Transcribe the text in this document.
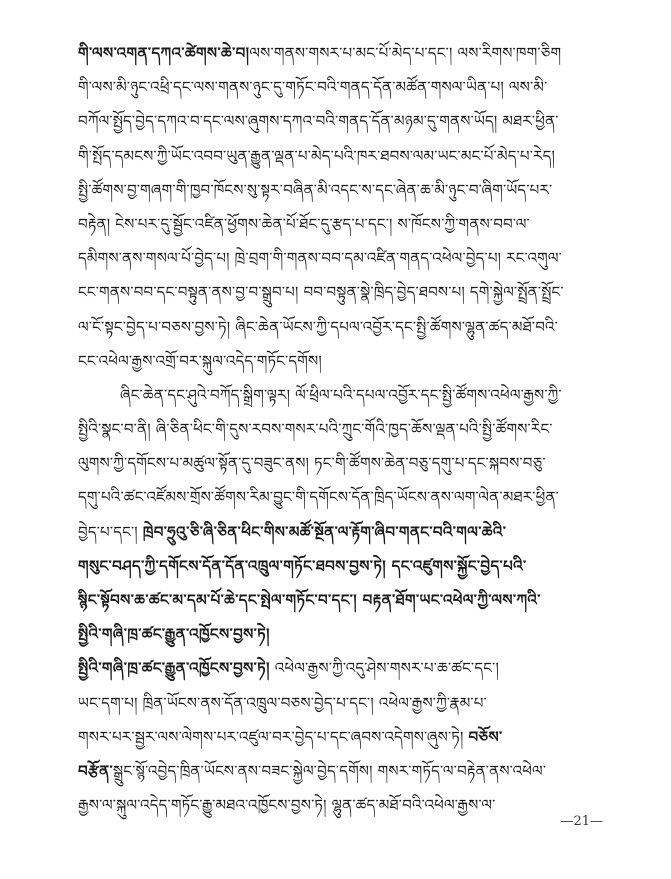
གི་ལས་འགན་དཀའ་ཚེགས་ཆེ་བ།ལས་གནས་གསར་པ་མང་པོ་མེད་པ་དང་། ལས་རིགས་ཁག་ཅིག
གི་ལས་མི་ཉུང་འཕྲི་དང་ལས་གནས་ཉུང་དུ་གཏོང་བའི་གནད་དོན་མཚོན་གསལ་ཡིན་པ། ལས་མི་
བཀོལ་སྤྱོད་བྱེད་དཀའ་བ་དང་ལས་ཞུགས་དཀའ་བའི་གནད་དོན་མཉམ་དུ་གནས་ཡོད། མཐར་ཕྱིན་
གི་སྤོད་དམངས་ཀྱི་ཡོང་འབབ་ཡུན་རྒྱུན་ལྡན་པ་མེད་པའི་ཁར་ཐབས་ལམ་ཡང་མང་པོ་མེད་པ་རེད།
སྤྱི་ཚོགས་བྱ་གཞག་གི་ཁྱབ་ཁོངས་སུ་སྟར་བཞིན་མི་འདང་ས་དང་ཞེན་ཆ་མི་ཉུང་བ་ཞིག་ཡོད་པར་
བརྟེན། ངེས་པར་དུ་སྦྱོང་འཛིན་ཕྱོགས་ཆེན་པོ་ཐོང་དུ་རྩད་པ་དང་། ས་ཁོངས་ཀྱི་གནས་བབ་ལ་
དམིགས་ནས་གསལ་པོ་བྱེད་པ། ཁྲེ་བྲག་གི་གནས་བབ་དམ་འཛིན་གནད་འཕེལ་བྱེད་པ། རང་འགུལ་
ངང་གནས་བབ་དང་བསྟུན་ནས་བྱ་བ་སྒྲུབ་པ། བབ་བསྟུན་སྣེ་ཁྲིད་བྱེད་ཐབས་པ། དགེ་སྐྱེལ་སྤྲོན་སྤྲོང་
ལ་ངོ་སྟང་བྱེད་པ་བཅས་བྱས་ཏེ། ཞིང་ཆེན་ཡོངས་ཀྱི་དཔལ་འབྱོར་དང་སྤྱི་ཚོགས་ལྷུན་ཚད་མཐོ་བའི་
ངང་འཕེལ་རྒྱས་འགྲོ་བར་སྐུལ་འདེད་གཏོང་དགོས།
ཞིང་ཆེན་དང་ཤུའེ་བཀོད་སྒྲིག་ལྟར། ལོ་ཕྲིལ་པའི་དཔལ་འབྱོར་དང་སྤྱི་ཚོགས་འཕེལ་རྒྱས་ཀྱི་
སྤྱིའི་སྣང་བ་ནི། ཞི་ཅིན་ཕིང་གི་དུས་རབས་གསར་པའི་ཀྲུང་གོའི་ཁྱད་ཆོས་ལྡན་པའི་སྤྱི་ཚོགས་རིང་
ལུགས་ཀྱི་དགོངས་པ་མཚུལ་སྟོན་དུ་བཟུང་ནས། ཏང་གི་ཚོགས་ཆེན་བཅུ་དགུ་པ་དང་སྐབས་བཅུ་
དགུ་པའི་ཚང་འཛོམས་གྲོས་ཚོགས་རིམ་བྱུང་གི་དགོངས་དོན་ཁྲིད་ཡོངས་ནས་ལག་ལེན་མཐར་ཕྱིན་
བྱེད་པ་དང་། ཁྲེབ་ཧྲུའུ་ཅི་ཞི་ཅིན་ཕིང་གིས་མཚོ་སྔོན་ལ་རྟོག་ཞིབ་གནང་བའི་གལ་ཆེའི་
གསུང་བཤད་ཀྱི་དགོངས་དོན་དོན་འཁྲུལ་གཏོང་ཐབས་བྱས་ཏེ། དང་འཛུགས་སྐྱོང་བྱེད་པའི་
སྙིང་སྟོབས་ཆ་ཚང་མ་དམ་པོ་ཆེ་དང་སྤེལ་གཏོང་བ་དང་། བརྟན་ཐོག་ཡང་འཕེལ་ཀྱི་ལས་ཀའི་
སྤྱིའི་གཞི་ཁྲ་ཚང་རྒྱུན་འཁྱོངས་བྱས་ཏེ།
སྤྱིའི་གཞི་ཁྲ་ཚང་རྒྱུན་འཁྱོངས་བྱས་ཏེ། འཕེལ་རྒྱས་ཀྱི་འདུ་ཤེས་གསར་པ་ཆ་ཚང་དང་།
ཡང་དག་པ། ཁྲིན་ཡོངས་ནས་དོན་འཁྲུལ་བཅས་བྱེད་པ་དང་། འཕེལ་རྒྱས་ཀྱི་རྣམ་པ་
གསར་པར་སྦྱར་ལས་ལེགས་པར་འཛུལ་བར་བྱེད་པ་དང་ཞབས་འདེགས་ཞུས་ཏེ། བཅོས་
བརྩོན་སྒྲུང་སྙོ་འབྱེད་ཁྲིན་ཡོངས་ནས་བཟང་སྐྱེལ་བྱེད་དགོས། གསར་གཏོད་ལ་བརྟེན་ནས་འཕེལ་
རྒྱས་ལ་སྐུལ་འདེད་གཏོང་རྒྱུ་མཐའ་འཁྱོངས་བྱས་ཏེ། ལྷུན་ཚད་མཐོ་བའི་འཕེལ་རྒྱས་ལ་
—21—
